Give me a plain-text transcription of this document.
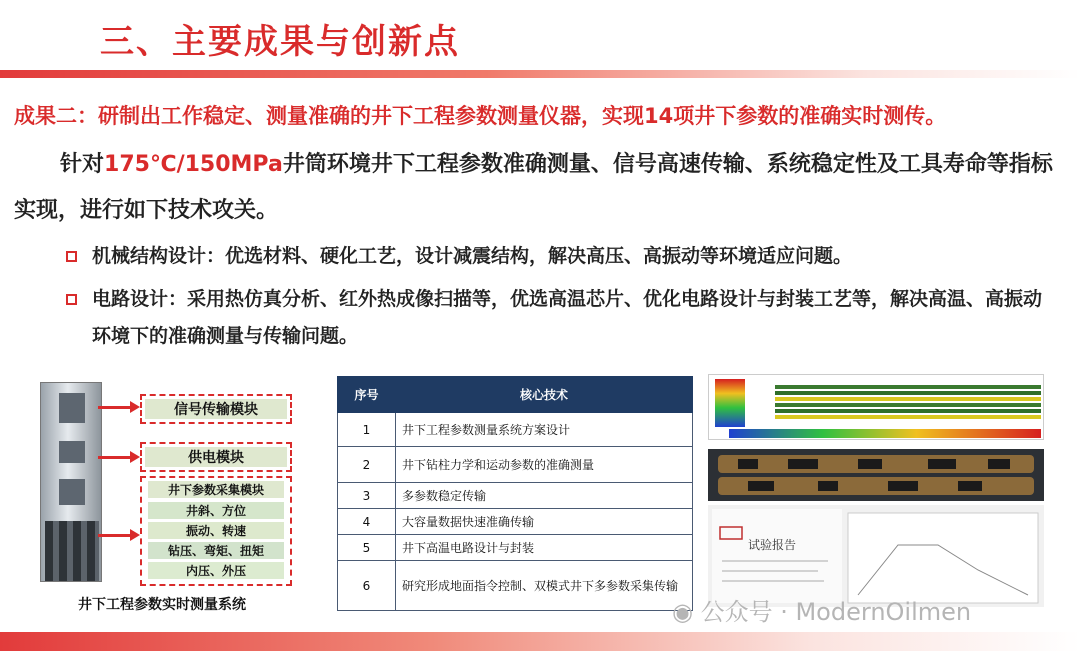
三、主要成果与创新点
成果二：研制出工作稳定、测量准确的井下工程参数测量仪器，实现14项井下参数的准确实时测传。
针对175℃/150MPa井筒环境井下工程参数准确测量、信号高速传输、系统稳定性及工具寿命等指标实现，进行如下技术攻关。
机械结构设计：优选材料、硬化工艺，设计减震结构，解决高压、高振动等环境适应问题。
电路设计：采用热仿真分析、红外热成像扫描等，优选高温芯片、优化电路设计与封装工艺等，解决高温、高振动环境下的准确测量与传输问题。
信号传输模块
供电模块
井下参数采集模块
井斜、方位
振动、转速
钻压、弯矩、扭矩
内压、外压
井下工程参数实时测量系统
序号	核心技术
1	井下工程参数测量系统方案设计
2	井下钻柱力学和运动参数的准确测量
3	多参数稳定传输
4	大容量数据快速准确传输
5	井下高温电路设计与封装
6	研究形成地面指令控制、双模式井下多参数采集传输
试验报告
◉ 公众号 · ModernOilmen
